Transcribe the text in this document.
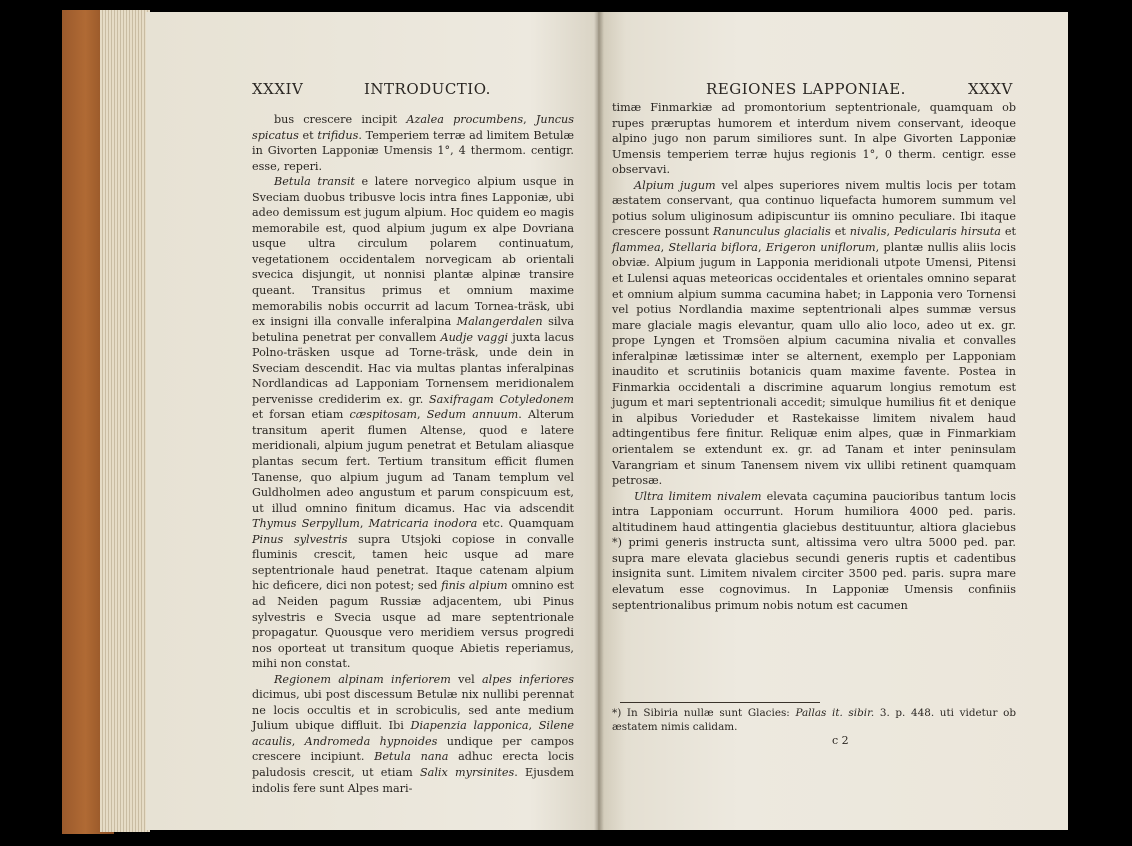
XXXIV	INTRODUCTIO.

bus crescere incipit Azalea procumbens, Juncus spicatus et trifidus. Temperiem terræ ad limitem Betulæ in Givorten Lapponiæ Umensis 1°, 4 thermom. centigr. esse, reperi.

Betula transit e latere norvegico alpium usque in Sveciam duobus tribusve locis intra fines Lapponiæ, ubi adeo demissum est jugum alpium. Hoc quidem eo magis memorabile est, quod alpium jugum ex alpe Dovriana usque ultra circulum polarem continuatum, vegetationem occidentalem norvegicam ab orientali svecica disjungit, ut nonnisi plantæ alpinæ transire queant. Transitus primus et omnium maxime memorabilis nobis occurrit ad lacum Tornea-träsk, ubi ex insigni illa convalle inferalpina Malangerdalen silva betulina penetrat per convallem Audje vaggi juxta lacus Polno-träsken usque ad Torne-träsk, unde dein in Sveciam descendit. Hac via multas plantas inferalpinas Nordlandicas ad Lapponiam Tornensem meridionalem pervenisse crediderim ex. gr. Saxifragam Cotyledonem et forsan etiam cæspitosam, Sedum annuum. Alterum transitum aperit flumen Altense, quod e latere meridionali, alpium jugum penetrat et Betulam aliasque plantas secum fert. Tertium transitum efficit flumen Tanense, quo alpium jugum ad Tanam templum vel Guldholmen adeo angustum et parum conspicuum est, ut illud omnino finitum dicamus. Hac via adscendit Thymus Serpyllum, Matricaria inodora etc. Quamquam Pinus sylvestris supra Utsjoki copiose in convalle fluminis crescit, tamen heic usque ad mare septentrionale haud penetrat. Itaque catenam alpium hic deficere, dici non potest; sed finis alpium omnino est ad Neiden pagum Russiæ adjacentem, ubi Pinus sylvestris e Svecia usque ad mare septentrionale propagatur. Quousque vero meridiem versus progredi nos oporteat ut transitum quoque Abietis reperiamus, mihi non constat.

Regionem alpinam inferiorem vel alpes inferiores dicimus, ubi post discessum Betulæ nix nullibi perennat ne locis occultis et in scrobiculis, sed ante medium Julium ubique diffluit. Ibi Diapenzia lapponica, Silene acaulis, Andromeda hypnoides undique per campos crescere incipiunt. Betula nana adhuc erecta locis paludosis crescit, ut etiam Salix myrsinites. Ejusdem indolis fere sunt Alpes mari-

REGIONES LAPPONIAE.	XXXV

timæ Finmarkiæ ad promontorium septentrionale, quamquam ob rupes præruptas humorem et interdum nivem conservant, ideoque alpino jugo non parum similiores sunt. In alpe Givorten Lapponiæ Umensis temperiem terræ hujus regionis 1°, 0 therm. centigr. esse observavi.

Alpium jugum vel alpes superiores nivem multis locis per totam æstatem conservant, qua continuo liquefacta humorem summum vel potius solum uliginosum adipiscuntur iis omnino peculiare. Ibi itaque crescere possunt Ranunculus glacialis et nivalis, Pedicularis hirsuta et flammea, Stellaria biflora, Erigeron uniflorum, plantæ nullis aliis locis obviæ. Alpium jugum in Lapponia meridionali utpote Umensi, Pitensi et Lulensi aquas meteoricas occidentales et orientales omnino separat et omnium alpium summa cacumina habet; in Lapponia vero Tornensi vel potius Nordlandia maxime septentrionali alpes summæ versus mare glaciale magis elevantur, quam ullo alio loco, adeo ut ex. gr. prope Lyngen et Tromsöen alpium cacumina nivalia et convalles inferalpinæ lætissimæ inter se alternent, exemplo per Lapponiam inaudito et scrutiniis botanicis quam maxime favente. Postea in Finmarkia occidentali a discrimine aquarum longius remotum est jugum et mari septentrionali accedit; simulque humilius fit et denique in alpibus Vorieduder et Rastekaisse limitem nivalem haud adtingentibus fere finitur. Reliquæ enim alpes, quæ in Finmarkiam orientalem se extendunt ex. gr. ad Tanam et inter peninsulam Varangriam et sinum Tanensem nivem vix ullibi retinent quamquam petrosæ.

Ultra limitem nivalem elevata caçumina paucioribus tantum locis intra Lapponiam occurrunt. Horum humiliora 4000 ped. paris. altitudinem haud attingentia glaciebus destituuntur, altiora glaciebus *) primi generis instructa sunt, altissima vero ultra 5000 ped. par. supra mare elevata glaciebus secundi generis ruptis et cadentibus insignita sunt. Limitem nivalem circiter 3500 ped. paris. supra mare elevatum esse cognovimus. In Lapponiæ Umensis confiniis septentrionalibus primum nobis notum est cacumen

*) In Sibiria nullæ sunt Glacies: Pallas it. sibir. 3. p. 448. uti videtur ob æstatem nimis calidam.
c 2
